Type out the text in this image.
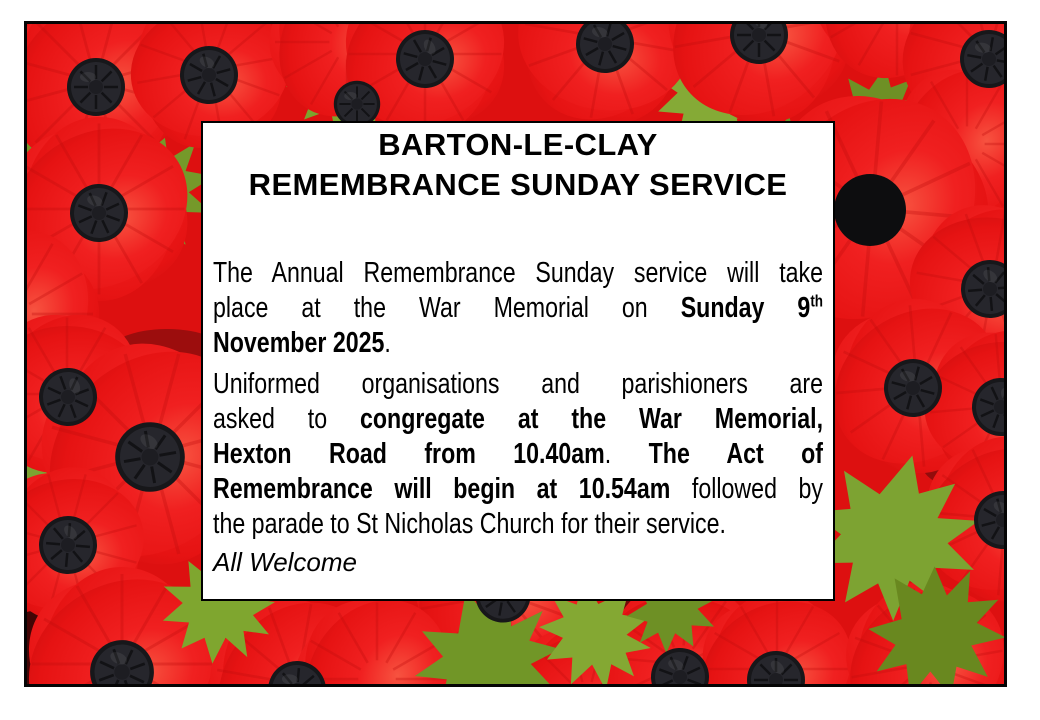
BARTON-LE-CLAY
REMEMBRANCE SUNDAY SERVICE
The Annual Remembrance Sunday service will take
place at the War Memorial on Sunday 9th
November 2025.
Uniformed organisations and parishioners are
asked to congregate at the War Memorial,
Hexton Road from 10.40am. The Act of
Remembrance will begin at 10.54am followed by
the parade to St Nicholas Church for their service.
All Welcome
